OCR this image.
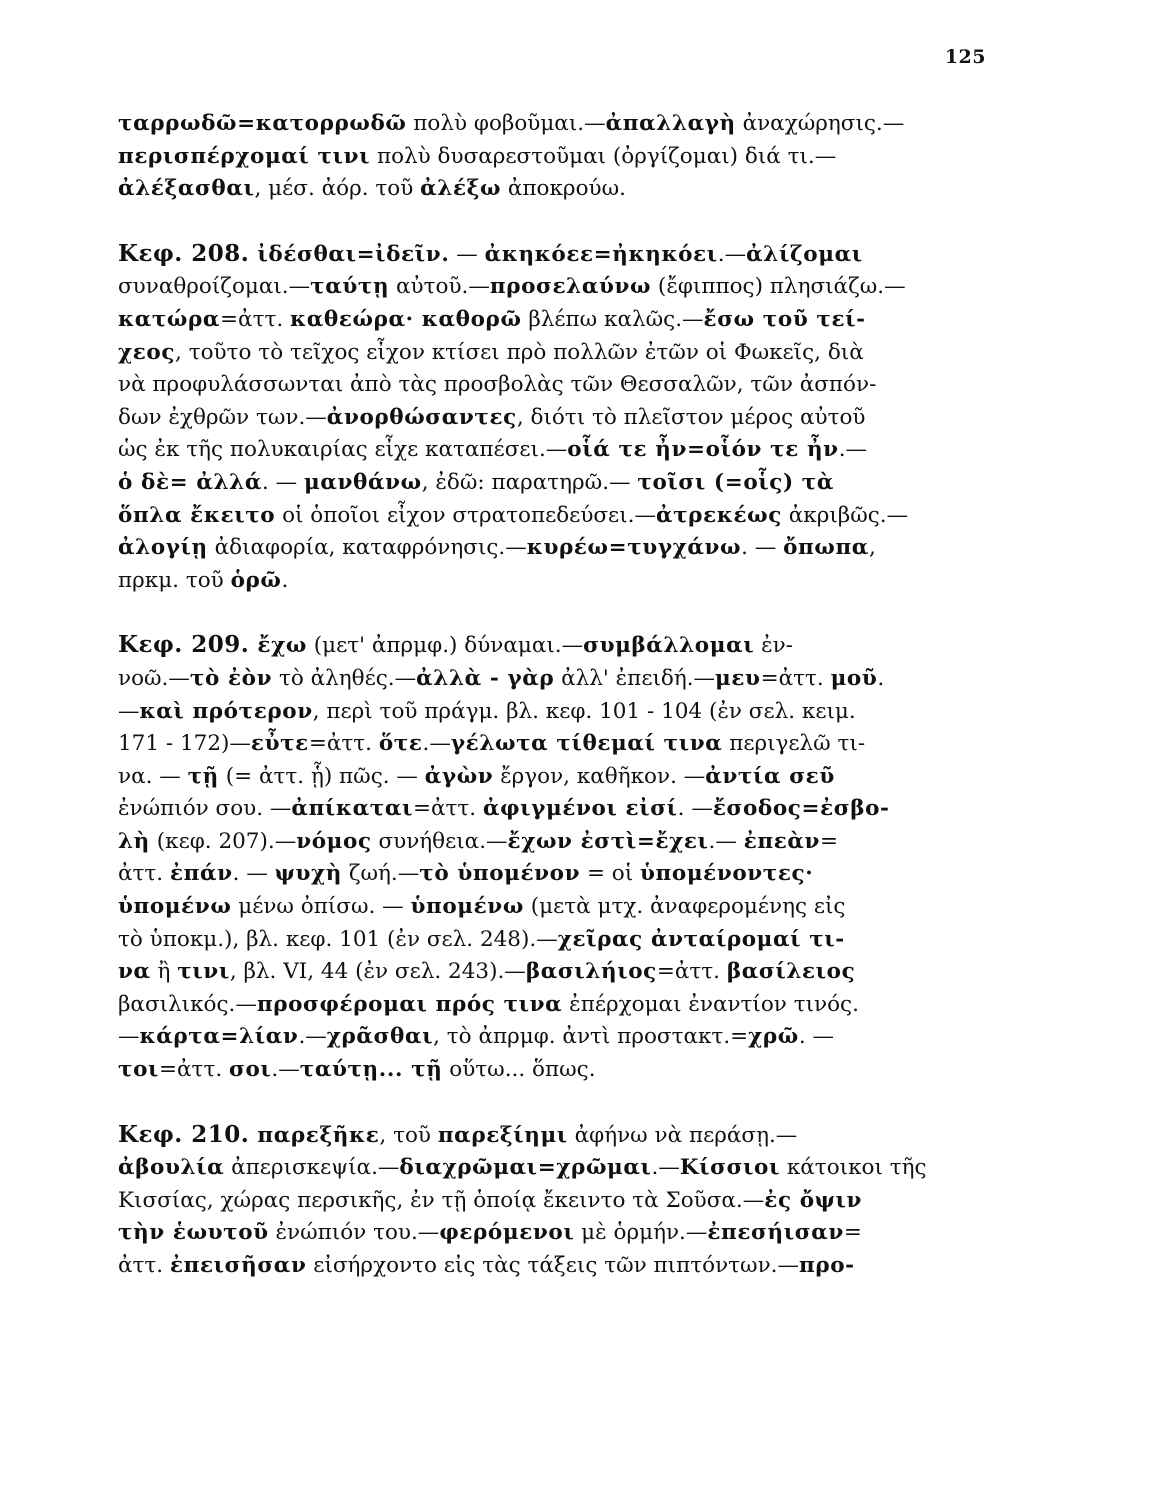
125
ταρρωδῶ=κατορρωδῶ πολὺ φοβοῦμαι.—ἀπαλλαγὴ ἀναχώρησις.—
περισπέρχομαί τινι πολὺ δυσαρεστοῦμαι (ὀργίζομαι) διά τι.—
ἀλέξασθαι, μέσ. ἀόρ. τοῦ ἀλέξω ἀποκρούω.
Κεφ. 208. ἰδέσθαι=ἰδεῖν. — ἀκηκόεε=ἠκηκόει.—ἀλίζομαι
συναθροίζομαι.—ταύτῃ αὐτοῦ.—προσελαύνω (ἔφιππος) πλησιάζω.—
κατώρα=ἀττ. καθεώρα· καθορῶ βλέπω καλῶς.—ἔσω τοῦ τεί-
χεος, τοῦτο τὸ τεῖχος εἶχον κτίσει πρὸ πολλῶν ἐτῶν οἱ Φωκεῖς, διὰ
νὰ προφυλάσσωνται ἀπὸ τὰς προσβολὰς τῶν Θεσσαλῶν, τῶν ἀσπόν-
δων ἐχθρῶν των.—ἀνορθώσαντες, διότι τὸ πλεῖστον μέρος αὐτοῦ
ὡς ἐκ τῆς πολυκαιρίας εἶχε καταπέσει.—οἷά τε ἦν=οἷόν τε ἦν.—
ὁ δὲ= ἀλλά. — μανθάνω, ἐδῶ: παρατηρῶ.— τοῖσι (=οἷς) τὰ
ὅπλα ἔκειτο οἱ ὁποῖοι εἶχον στρατοπεδεύσει.—ἀτρεκέως ἀκριβῶς.—
ἀλογίῃ ἀδιαφορία, καταφρόνησις.—κυρέω=τυγχάνω. — ὄπωπα,
πρκμ. τοῦ ὁρῶ.
Κεφ. 209. ἔχω (μετ' ἀπρμφ.) δύναμαι.—συμβάλλομαι ἐν-
νοῶ.—τὸ ἐὸν τὸ ἀληθές.—ἀλλὰ - γὰρ ἀλλ' ἐπειδή.—μευ=ἀττ. μοῦ.
—καὶ πρότερον, περὶ τοῦ πράγμ. βλ. κεφ. 101 - 104 (ἐν σελ. κειμ.
171 - 172)—εὖτε=ἀττ. ὅτε.—γέλωτα τίθεμαί τινα περιγελῶ τι-
να. — τῇ (= ἀττ. ᾗ) πῶς. — ἀγὼν ἔργον, καθῆκον. —ἀντία σεῦ
ἐνώπιόν σου. —ἀπίκαται=ἀττ. ἀφιγμένοι εἰσί. —ἔσοδος=ἐσβο-
λὴ (κεφ. 207).—νόμος συνήθεια.—ἔχων ἐστὶ=ἔχει.— ἐπεὰν=
ἀττ. ἐπάν. — ψυχὴ ζωή.—τὸ ὑπομένον = οἱ ὑπομένοντες·
ὑπομένω μένω ὀπίσω. — ὑπομένω (μετὰ μτχ. ἀναφερομένης εἰς
τὸ ὑποκμ.), βλ. κεφ. 101 (ἐν σελ. 248).—χεῖρας ἀνταίρομαί τι-
να ἢ τινι, βλ. VI, 44 (ἐν σελ. 243).—βασιλήιος=ἀττ. βασίλειος
βασιλικός.—προσφέρομαι πρός τινα ἐπέρχομαι ἐναντίον τινός.
—κάρτα=λίαν.—χρᾶσθαι, τὸ ἀπρμφ. ἀντὶ προστακτ.=χρῶ. —
τοι=ἀττ. σοι.—ταύτῃ... τῇ οὕτω... ὅπως.
Κεφ. 210. παρεξῆκε, τοῦ παρεξίημι ἀφήνω νὰ περάσῃ.—
ἀβουλία ἀπερισκεψία.—διαχρῶμαι=χρῶμαι.—Κίσσιοι κάτοικοι τῆς
Κισσίας, χώρας περσικῆς, ἐν τῇ ὁποίᾳ ἔκειντο τὰ Σοῦσα.—ἐς ὄψιν
τὴν ἑωυτοῦ ἐνώπιόν του.—φερόμενοι μὲ ὁρμήν.—ἐπεσήισαν=
ἀττ. ἐπεισῆσαν εἰσήρχοντο εἰς τὰς τάξεις τῶν πιπτόντων.—προ-
